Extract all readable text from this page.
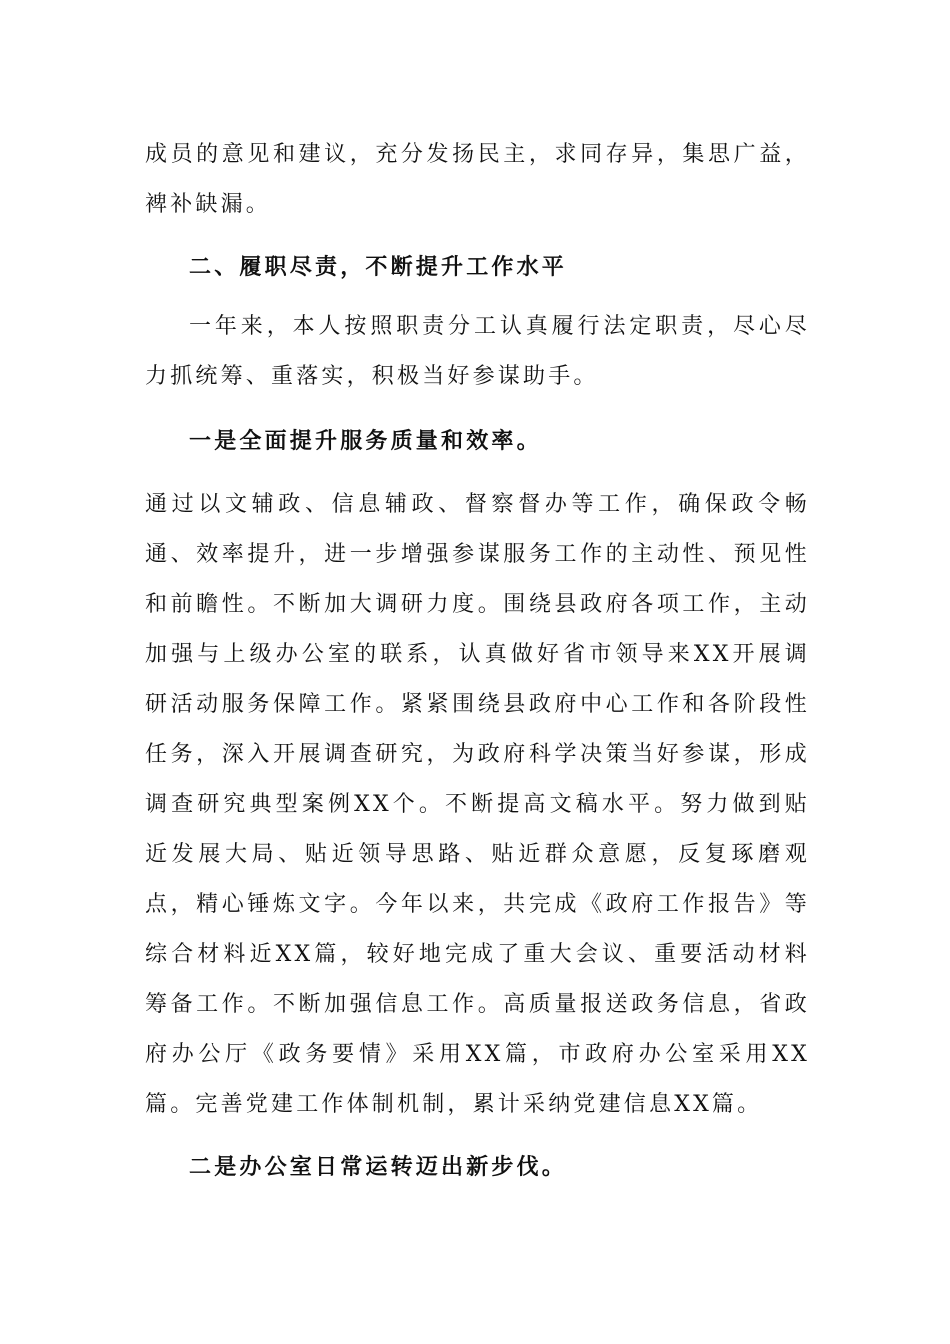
成员的意见和建议，充分发扬民主，求同存异，集思广益，裨补缺漏。

二、履职尽责，不断提升工作水平

一年来，本人按照职责分工认真履行法定职责，尽心尽力抓统筹、重落实，积极当好参谋助手。

一是全面提升服务质量和效率。

通过以文辅政、信息辅政、督察督办等工作，确保政令畅通、效率提升，进一步增强参谋服务工作的主动性、预见性和前瞻性。不断加大调研力度。围绕县政府各项工作，主动加强与上级办公室的联系，认真做好省市领导来XX开展调研活动服务保障工作。紧紧围绕县政府中心工作和各阶段性任务，深入开展调查研究，为政府科学决策当好参谋，形成调查研究典型案例XX个。不断提高文稿水平。努力做到贴近发展大局、贴近领导思路、贴近群众意愿，反复琢磨观点，精心锤炼文字。今年以来，共完成《政府工作报告》等综合材料近XX篇，较好地完成了重大会议、重要活动材料筹备工作。不断加强信息工作。高质量报送政务信息，省政府办公厅《政务要情》采用XX篇，市政府办公室采用XX篇。完善党建工作体制机制，累计采纳党建信息XX篇。

二是办公室日常运转迈出新步伐。
